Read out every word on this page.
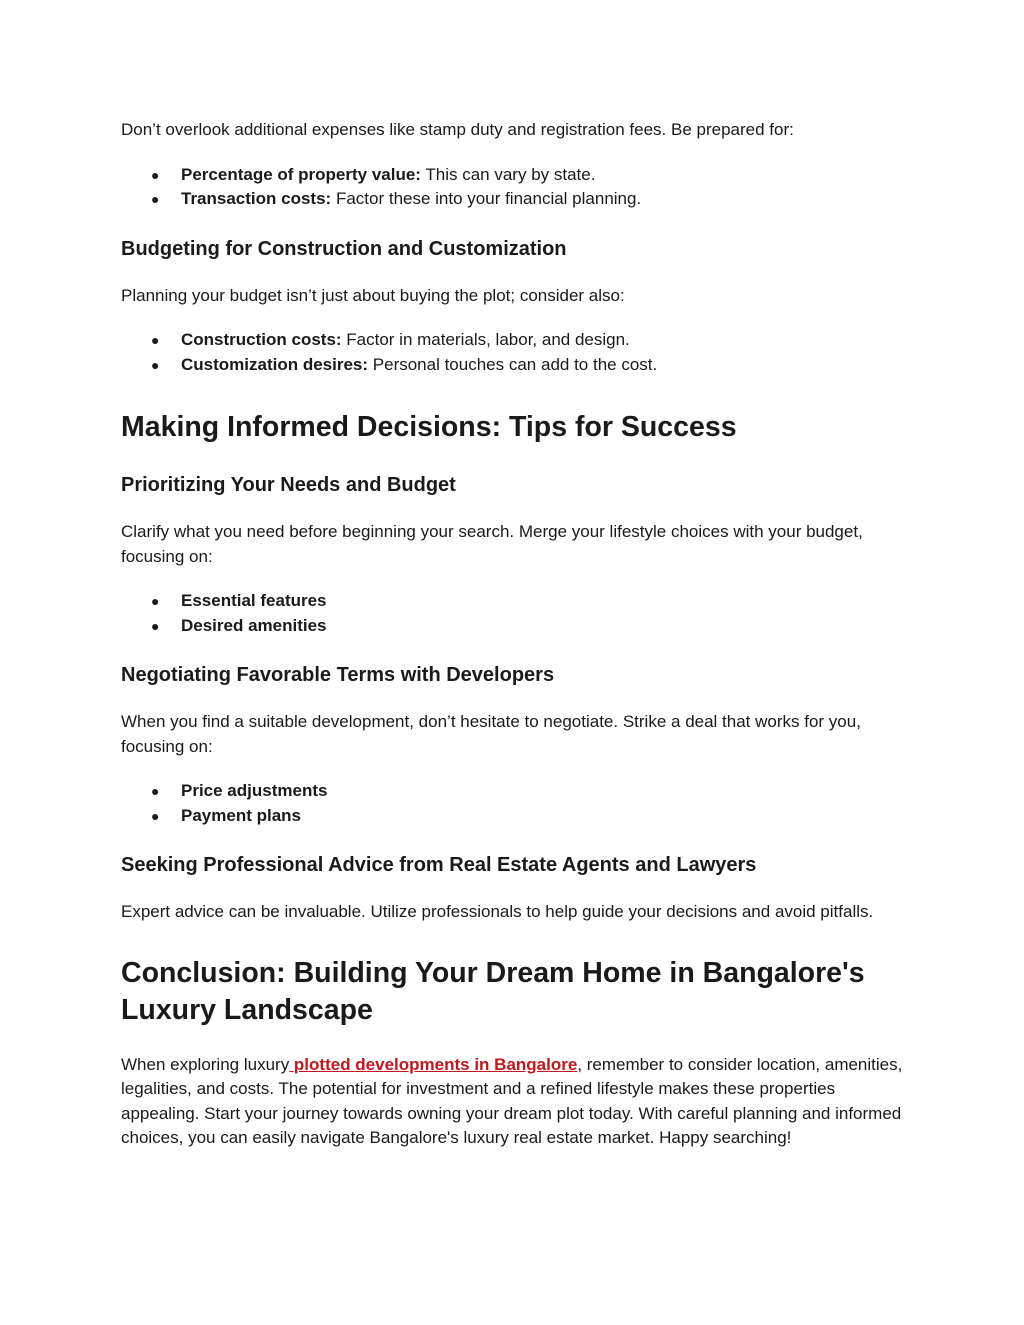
Don’t overlook additional expenses like stamp duty and registration fees. Be prepared for:

● Percentage of property value: This can vary by state.
● Transaction costs: Factor these into your financial planning.
Budgeting for Construction and Customization

Planning your budget isn’t just about buying the plot; consider also:

● Construction costs: Factor in materials, labor, and design.
● Customization desires: Personal touches can add to the cost.
Making Informed Decisions: Tips for Success
Prioritizing Your Needs and Budget

Clarify what you need before beginning your search. Merge your lifestyle choices with your budget, focusing on:

● Essential features
● Desired amenities
Negotiating Favorable Terms with Developers

When you find a suitable development, don’t hesitate to negotiate. Strike a deal that works for you, focusing on:

● Price adjustments
● Payment plans
Seeking Professional Advice from Real Estate Agents and Lawyers

Expert advice can be invaluable. Utilize professionals to help guide your decisions and avoid pitfalls.

Conclusion: Building Your Dream Home in Bangalore's Luxury Landscape

When exploring luxury plotted developments in Bangalore, remember to consider location, amenities, legalities, and costs. The potential for investment and a refined lifestyle makes these properties appealing. Start your journey towards owning your dream plot today. With careful planning and informed choices, you can easily navigate Bangalore's luxury real estate market. Happy searching!
